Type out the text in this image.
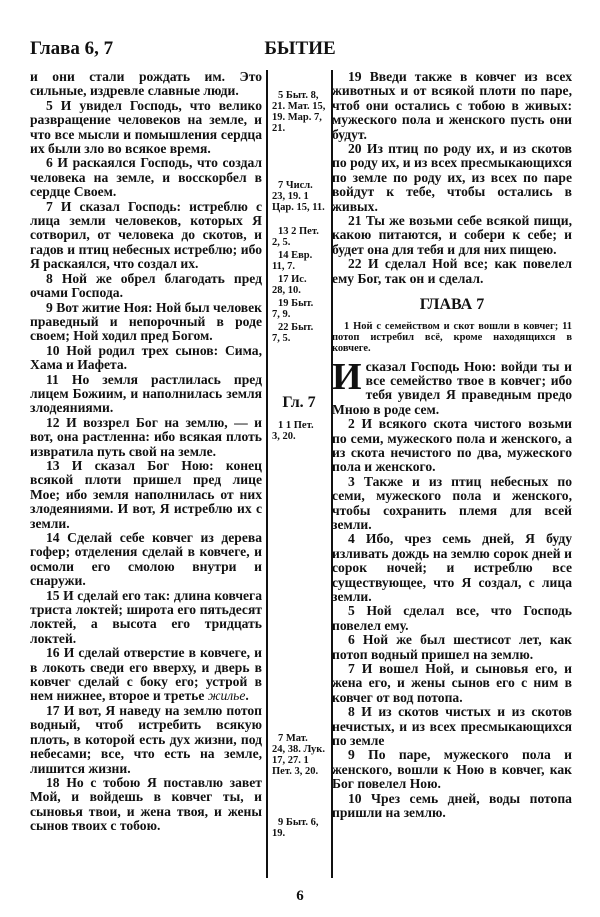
Глава 6, 7	БЫТИЕ

и они стали рождать им. Это сильные, издревле славные люди.

5 И увидел Господь, что велико развращение человеков на земле, и что все мысли и помышления сердца их были зло во всякое время.

6 И раскаялся Господь, что создал человека на земле, и восскорбел в сердце Своем.

7 И сказал Господь: истреблю с лица земли человеков, которых Я сотворил, от человека до скотов, и гадов и птиц небесных истреблю; ибо Я раскаялся, что создал их.

8 Ной же обрел благодать пред очами Господа.

9 Вот житие Ноя: Ной был человек праведный и непорочный в роде своем; Ной ходил пред Богом.

10 Ной родил трех сынов: Сима, Хама и Иафета.

11 Но земля растлилась пред лицем Божиим, и наполнилась земля злодеяниями.

12 И воззрел Бог на землю, — и вот, она растленна: ибо всякая плоть извратила путь свой на земле.

13 И сказал Бог Ною: конец всякой плоти пришел пред лице Мое; ибо земля наполнилась от них злодеяниями. И вот, Я истреблю их с земли.

14 Сделай себе ковчег из дерева гофер; отделения сделай в ковчеге, и осмоли его смолою внутри и снаружи.

15 И сделай его так: длина ковчега триста локтей; широта его пятьдесят локтей, а высота его тридцать локтей.

16 И сделай отверстие в ковчеге, и в локоть сведи его вверху, и дверь в ковчег сделай с боку его; устрой в нем нижнее, второе и третье жилье.

17 И вот, Я наведу на землю потоп водный, чтоб истребить всякую плоть, в которой есть дух жизни, под небесами; все, что есть на земле, лишится жизни.

18 Но с тобою Я поставлю завет Мой, и войдешь в ковчег ты, и сыновья твои, и жена твоя, и жены сынов твоих с тобою.

5 Быт. 8,
21. Мат. 15, 19. Мар. 7, 21.
7 Числ.
23, 19. 1 Цар. 15, 11.
13 2 Пет.
2, 5.
14 Евр.
11, 7.
17 Ис.
28, 10.
19 Быт.
7, 9.
22 Быт.
7, 5.
1 1 Пет.
3, 20.
7 Мат.
24, 38. Лук. 17, 27. 1 Пет. 3, 20.
9 Быт. 6,
19.
Гл. 7

19 Введи также в ковчег из всех животных и от всякой плоти по паре, чтоб они остались с тобою в живых: мужеского пола и женского пусть они будут.

20 Из птиц по роду их, и из скотов по роду их, и из всех пресмыкающихся по земле по роду их, из всех по паре войдут к тебе, чтобы остались в живых.

21 Ты же возьми себе всякой пищи, какою питаются, и собери к себе; и будет она для тебя и для них пищею.

22 И сделал Ной все; как повелел ему Бог, так он и сделал.

ГЛАВА 7

1 Ной с семейством и скот вошли в ковчег; 11 потоп истребил всё, кроме находящихся в ковчеге.

Исказал Господь Ною: войди ты и все семейство твое в ковчег; ибо тебя увидел Я праведным предо Мною в роде сем.

2 И всякого скота чистого возьми по семи, мужеского пола и женского, а из скота нечистого по два, мужеского пола и женского.

3 Также и из птиц небесных по семи, мужеского пола и женского, чтобы сохранить племя для всей земли.

4 Ибо, чрез семь дней, Я буду изливать дождь на землю сорок дней и сорок ночей; и истреблю все существующее, что Я создал, с лица земли.

5 Ной сделал все, что Господь повелел ему.

6 Ной же был шестисот лет, как потоп водный пришел на землю.

7 И вошел Ной, и сыновья его, и жена его, и жены сынов его с ним в ковчег от вод потопа.

8 И из скотов чистых и из скотов нечистых, и из всех пресмыкающихся по земле

9 По паре, мужеского пола и женского, вошли к Ною в ковчег, как Бог повелел Ною.

10 Чрез семь дней, воды потопа пришли на землю.

6
